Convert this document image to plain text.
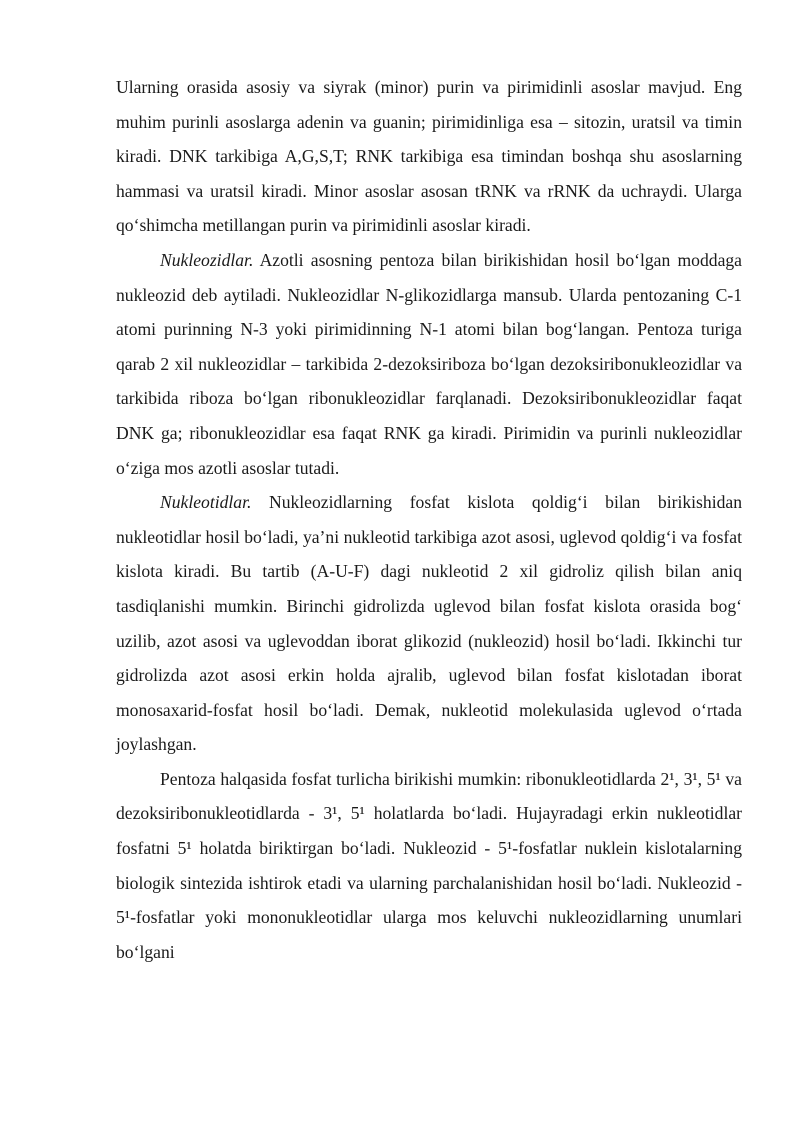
Ularning orasida asosiy va siyrak (minor) purin va pirimidinli asoslar mavjud. Eng muhim purinli asoslarga adenin va guanin; pirimidinliga esa – sitozin, uratsil va timin kiradi. DNK tarkibiga A,G,S,T; RNK tarkibiga esa timindan boshqa shu asoslarning hammasi va uratsil kiradi. Minor asoslar asosan tRNK va rRNK da uchraydi. Ularga qo‘shimcha metillangan purin va pirimidinli asoslar kiradi.

Nukleozidlar. Azotli asosning pentoza bilan birikishidan hosil bo‘lgan moddaga nukleozid deb aytiladi. Nukleozidlar N-glikozidlarga mansub. Ularda pentozaning C-1 atomi purinning N-3 yoki pirimidinning N-1 atomi bilan bog‘langan. Pentoza turiga qarab 2 xil nukleozidlar – tarkibida 2-dezoksiriboza bo‘lgan dezoksiribonukleozidlar va tarkibida riboza bo‘lgan ribonukleozidlar farqlanadi. Dezoksiribonukleozidlar faqat DNK ga; ribonukleozidlar esa faqat RNK ga kiradi. Pirimidin va purinli nukleozidlar o‘ziga mos azotli asoslar tutadi.

Nukleotidlar. Nukleozidlarning fosfat kislota qoldig‘i bilan birikishidan nukleotidlar hosil bo‘ladi, ya’ni nukleotid tarkibiga azot asosi, uglevod qoldig‘i va fosfat kislota kiradi. Bu tartib (A-U-F) dagi nukleotid 2 xil gidroliz qilish bilan aniq tasdiqlanishi mumkin. Birinchi gidrolizda uglevod bilan fosfat kislota orasida bog‘ uzilib, azot asosi va uglevoddan iborat glikozid (nukleozid) hosil bo‘ladi. Ikkinchi tur gidrolizda azot asosi erkin holda ajralib, uglevod bilan fosfat kislotadan iborat monosaxarid-fosfat hosil bo‘ladi. Demak, nukleotid molekulasida uglevod o‘rtada joylashgan.

Pentoza halqasida fosfat turlicha birikishi mumkin: ribonukleotidlarda 2¹, 3¹, 5¹ va dezoksiribonukleotidlarda - 3¹, 5¹ holatlarda bo‘ladi. Hujayradagi erkin nukleotidlar fosfatni 5¹ holatda biriktirgan bo‘ladi. Nukleozid - 5¹-fosfatlar nuklein kislotalarning biologik sintezida ishtirok etadi va ularning parchalanishidan hosil bo‘ladi. Nukleozid - 5¹-fosfatlar yoki mononukleotidlar ularga mos keluvchi nukleozidlarning unumlari bo‘lgani
